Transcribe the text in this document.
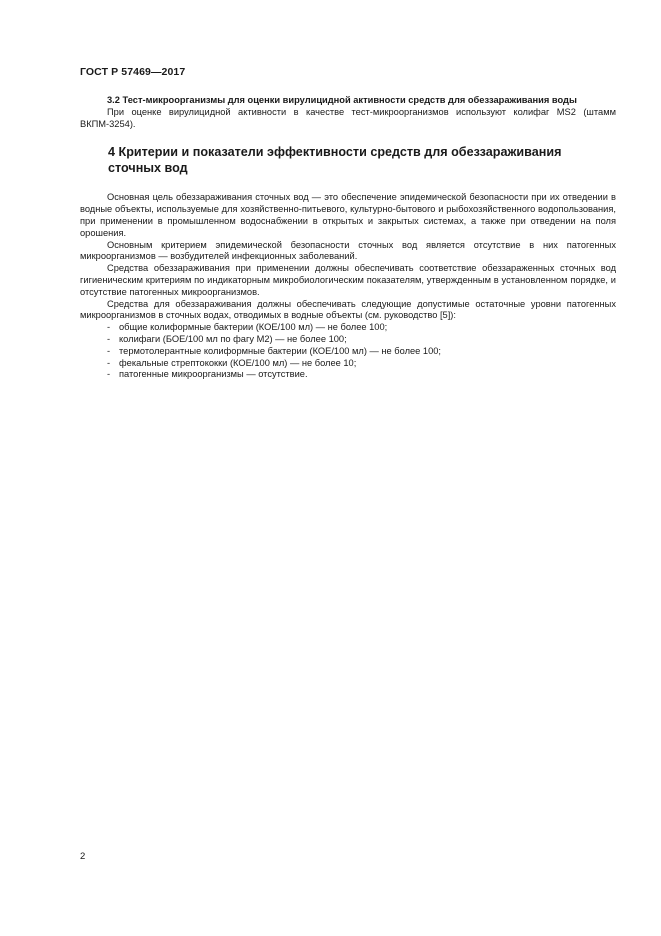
ГОСТ Р 57469—2017

3.2 Тест-микроорганизмы для оценки вирулицидной активности средств для обеззараживания воды

При оценке вирулицидной активности в качестве тест-микроорганизмов используют колифаг MS2 (штамм ВКПМ-3254).

4 Критерии и показатели эффективности средств для обеззараживания сточных вод

Основная цель обеззараживания сточных вод — это обеспечение эпидемической безопасности при их отведении в водные объекты, используемые для хозяйственно-питьевого, культурно-бытового и рыбохозяйственного водопользования, при применении в промышленном водоснабжении в открытых и закрытых системах, а также при отведении на поля орошения.

Основным критерием эпидемической безопасности сточных вод является отсутствие в них патогенных микроорганизмов — возбудителей инфекционных заболеваний.

Средства обеззараживания при применении должны обеспечивать соответствие обеззараженных сточных вод гигиеническим критериям по индикаторным микробиологическим показателям, утвержденным в установленном порядке, и отсутствие патогенных микроорганизмов.

Средства для обеззараживания должны обеспечивать следующие допустимые остаточные уровни патогенных микроорганизмов в сточных водах, отводимых в водные объекты (см. руководство [5]):

- общие колиформные бактерии (КОЕ/100 мл) — не более 100;
- колифаги (БОЕ/100 мл по фагу М2) — не более 100;
- термотолерантные колиформные бактерии (КОЕ/100 мл) — не более 100;
- фекальные стрептококки (КОЕ/100 мл) — не более 10;
- патогенные микроорганизмы — отсутствие.
2
